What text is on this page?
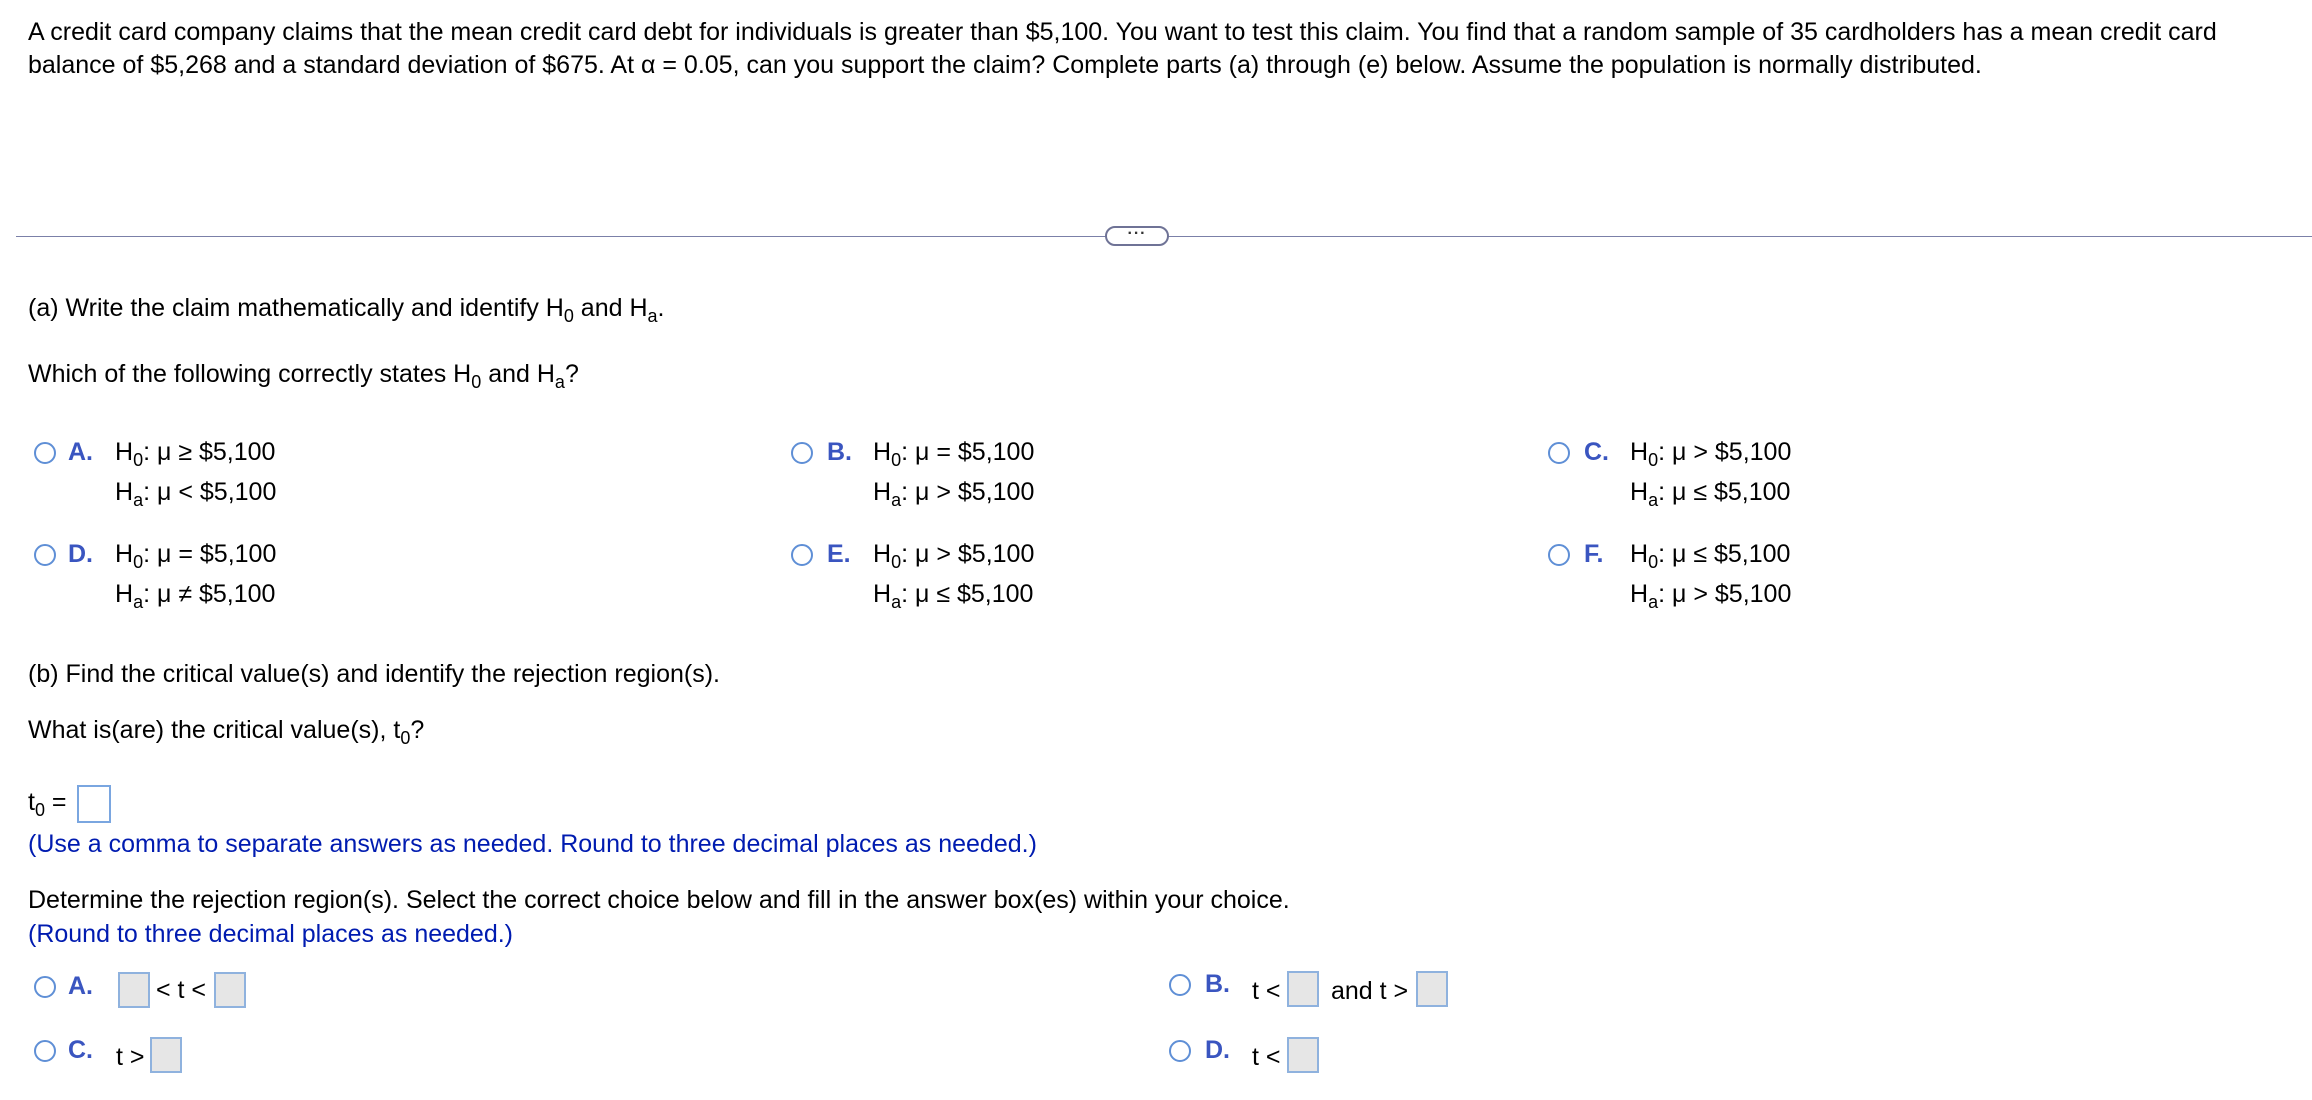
A credit card company claims that the mean credit card debt for individuals is greater than $5,100. You want to test this claim. You find that a random sample of 35 cardholders has a mean credit card balance of $5,268 and a standard deviation of $675. At α = 0.05, can you support the claim? Complete parts (a) through (e) below. Assume the population is normally distributed.
···
(a) Write the claim mathematically and identify $H_0$ and $H_a$.
Which of the following correctly states $H_0$ and $H_a$?
A. $H_0$: μ ≥ $5,100
$H_a$: μ < $5,100
B. $H_0$: μ = $5,100
$H_a$: μ > $5,100
C. $H_0$: μ > $5,100
$H_a$: μ ≤ $5,100
D. $H_0$: μ = $5,100
$H_a$: μ ≠ $5,100
E. $H_0$: μ > $5,100
$H_a$: μ ≤ $5,100
F. $H_0$: μ ≤ $5,100
$H_a$: μ > $5,100
(b) Find the critical value(s) and identify the rejection region(s).
What is(are) the critical value(s), $t_0$?
$t_0$ =
(Use a comma to separate answers as needed. Round to three decimal places as needed.)
Determine the rejection region(s). Select the correct choice below and fill in the answer box(es) within your choice.
(Round to three decimal places as needed.)
A.	< t <	B. t < and t >
C. t >	D. t <
